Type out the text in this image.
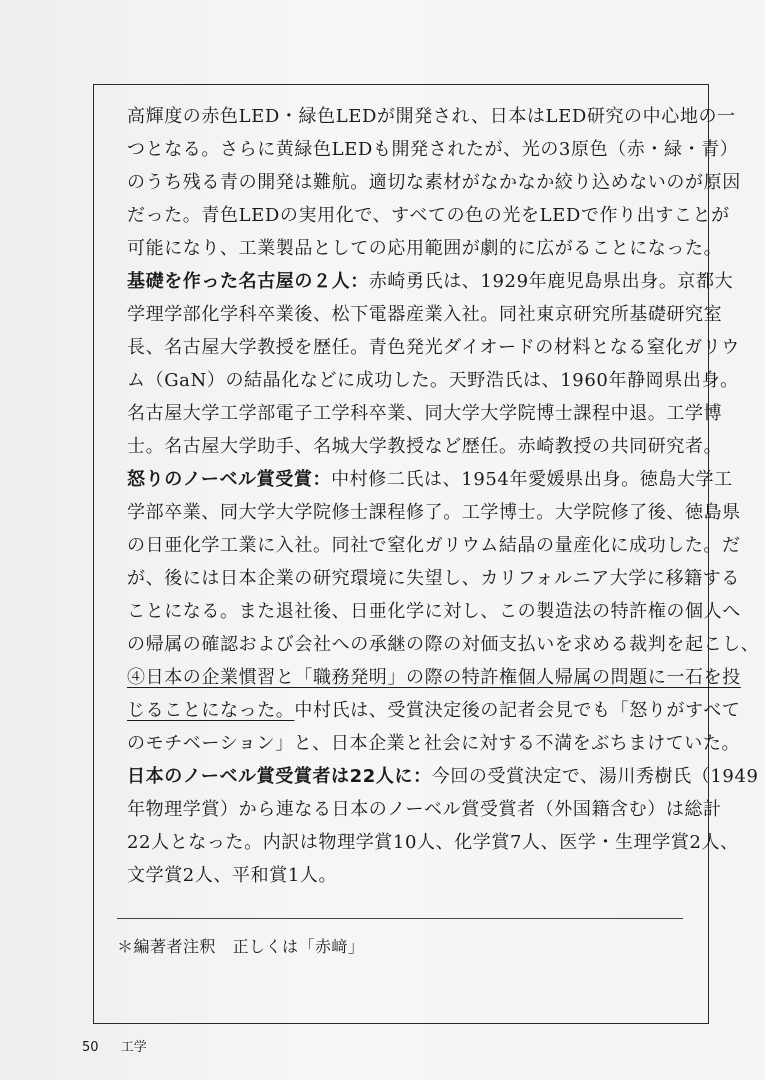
高輝度の赤色LED・緑色LEDが開発され、日本はLED研究の中心地の一
つとなる。さらに黄緑色LEDも開発されたが、光の3原色（赤・緑・青）
のうち残る青の開発は難航。適切な素材がなかなか絞り込めないのが原因
だった。青色LEDの実用化で、すべての色の光をLEDで作り出すことが
可能になり、工業製品としての応用範囲が劇的に広がることになった。
基礎を作った名古屋の２人：赤崎勇氏は、1929年鹿児島県出身。京都大
学理学部化学科卒業後、松下電器産業入社。同社東京研究所基礎研究室
長、名古屋大学教授を歴任。青色発光ダイオードの材料となる窒化ガリウ
ム（GaN）の結晶化などに成功した。天野浩氏は、1960年静岡県出身。
名古屋大学工学部電子工学科卒業、同大学大学院博士課程中退。工学博
士。名古屋大学助手、名城大学教授など歴任。赤崎教授の共同研究者。
怒りのノーベル賞受賞：中村修二氏は、1954年愛媛県出身。徳島大学工
学部卒業、同大学大学院修士課程修了。工学博士。大学院修了後、徳島県
の日亜化学工業に入社。同社で窒化ガリウム結晶の量産化に成功した。だ
が、後には日本企業の研究環境に失望し、カリフォルニア大学に移籍する
ことになる。また退社後、日亜化学に対し、この製造法の特許権の個人へ
の帰属の確認および会社への承継の際の対価支払いを求める裁判を起こし、
④日本の企業慣習と「職務発明」の際の特許権個人帰属の問題に一石を投
じることになった。中村氏は、受賞決定後の記者会見でも「怒りがすべて
のモチベーション」と、日本企業と社会に対する不満をぶちまけていた。
日本のノーベル賞受賞者は22人に：今回の受賞決定で、湯川秀樹氏（1949
年物理学賞）から連なる日本のノーベル賞受賞者（外国籍含む）は総計
22人となった。内訳は物理学賞10人、化学賞7人、医学・生理学賞2人、
文学賞2人、平和賞1人。
＊編著者注釈　正しくは「赤﨑」
50 工学
